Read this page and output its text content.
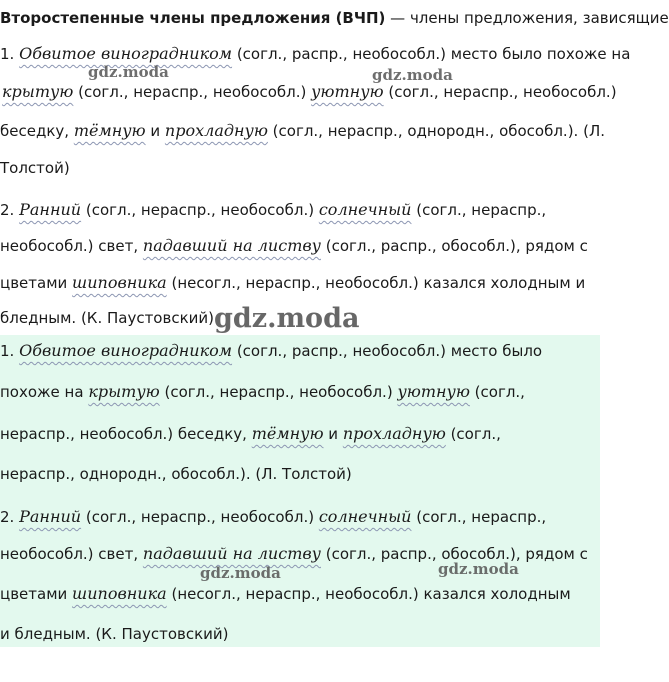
Второстепенные члены предложения (ВЧП) — члены предложения, зависящие
1. Обвитое виноградником (согл., распр., необособл.) место было похоже на
крытую (согл., нераспр., необособл.) уютную (согл., нераспр., необособл.)
беседку, тёмную и прохладную (согл., нераспр., однородн., обособл.). (Л.
Толстой)
2. Ранний (согл., нераспр., необособл.) солнечный (согл., нераспр.,
необособл.) свет, падавший на листву (согл., распр., обособл.), рядом с
цветами шиповника (несогл., нераспр., необособл.) казался холодным и
бледным. (К. Паустовский)
1. Обвитое виноградником (согл., распр., необособл.) место было
похоже на крытую (согл., нераспр., необособл.) уютную (согл.,
нераспр., необособл.) беседку, тёмную и прохладную (согл.,
нераспр., однородн., обособл.). (Л. Толстой)
2. Ранний (согл., нераспр., необособл.) солнечный (согл., нераспр.,
необособл.) свет, падавший на листву (согл., распр., обособл.), рядом с
цветами шиповника (несогл., нераспр., необособл.) казался холодным
и бледным. (К. Паустовский)
gdz.moda	gdz.moda
gdz.moda
gdz.moda	gdz.moda
